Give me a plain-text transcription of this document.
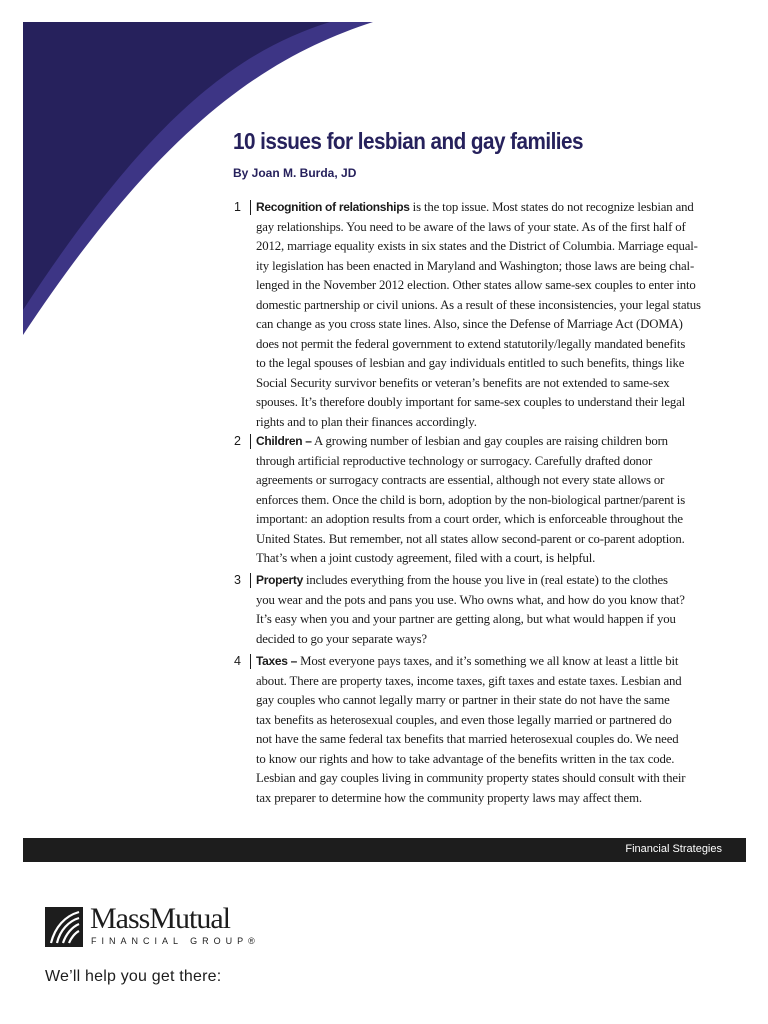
10 issues for lesbian and gay families
By Joan M. Burda, JD
1	Recognition of relationships is the top issue. Most states do not recognize lesbian and
gay relationships. You need to be aware of the laws of your state. As of the first half of
2012, marriage equality exists in six states and the District of Columbia. Marriage equal-
ity legislation has been enacted in Maryland and Washington; those laws are being chal-
lenged in the November 2012 election. Other states allow same-sex couples to enter into
domestic partnership or civil unions. As a result of these inconsistencies, your legal status
can change as you cross state lines. Also, since the Defense of Marriage Act (DOMA)
does not permit the federal government to extend statutorily/legally mandated benefits
to the legal spouses of lesbian and gay individuals entitled to such benefits, things like
Social Security survivor benefits or veteran’s benefits are not extended to same-sex
spouses. It’s therefore doubly important for same-sex couples to understand their legal
rights and to plan their finances accordingly.
2	Children – A growing number of lesbian and gay couples are raising children born
through artificial reproductive technology or surrogacy. Carefully drafted donor
agreements or surrogacy contracts are essential, although not every state allows or
enforces them. Once the child is born, adoption by the non-biological partner/parent is
important: an adoption results from a court order, which is enforceable throughout the
United States. But remember, not all states allow second-parent or co-parent adoption.
That’s when a joint custody agreement, filed with a court, is helpful.
3	Property includes everything from the house you live in (real estate) to the clothes
you wear and the pots and pans you use. Who owns what, and how do you know that?
It’s easy when you and your partner are getting along, but what would happen if you
decided to go your separate ways?
4	Taxes – Most everyone pays taxes, and it’s something we all know at least a little bit
about. There are property taxes, income taxes, gift taxes and estate taxes. Lesbian and
gay couples who cannot legally marry or partner in their state do not have the same
tax benefits as heterosexual couples, and even those legally married or partnered do
not have the same federal tax benefits that married heterosexual couples do. We need
to know our rights and how to take advantage of the benefits written in the tax code.
Lesbian and gay couples living in community property states should consult with their
tax preparer to determine how the community property laws may affect them.
Financial Strategies
MassMutual
FINANCIAL GROUP®
We’ll help you get there:
